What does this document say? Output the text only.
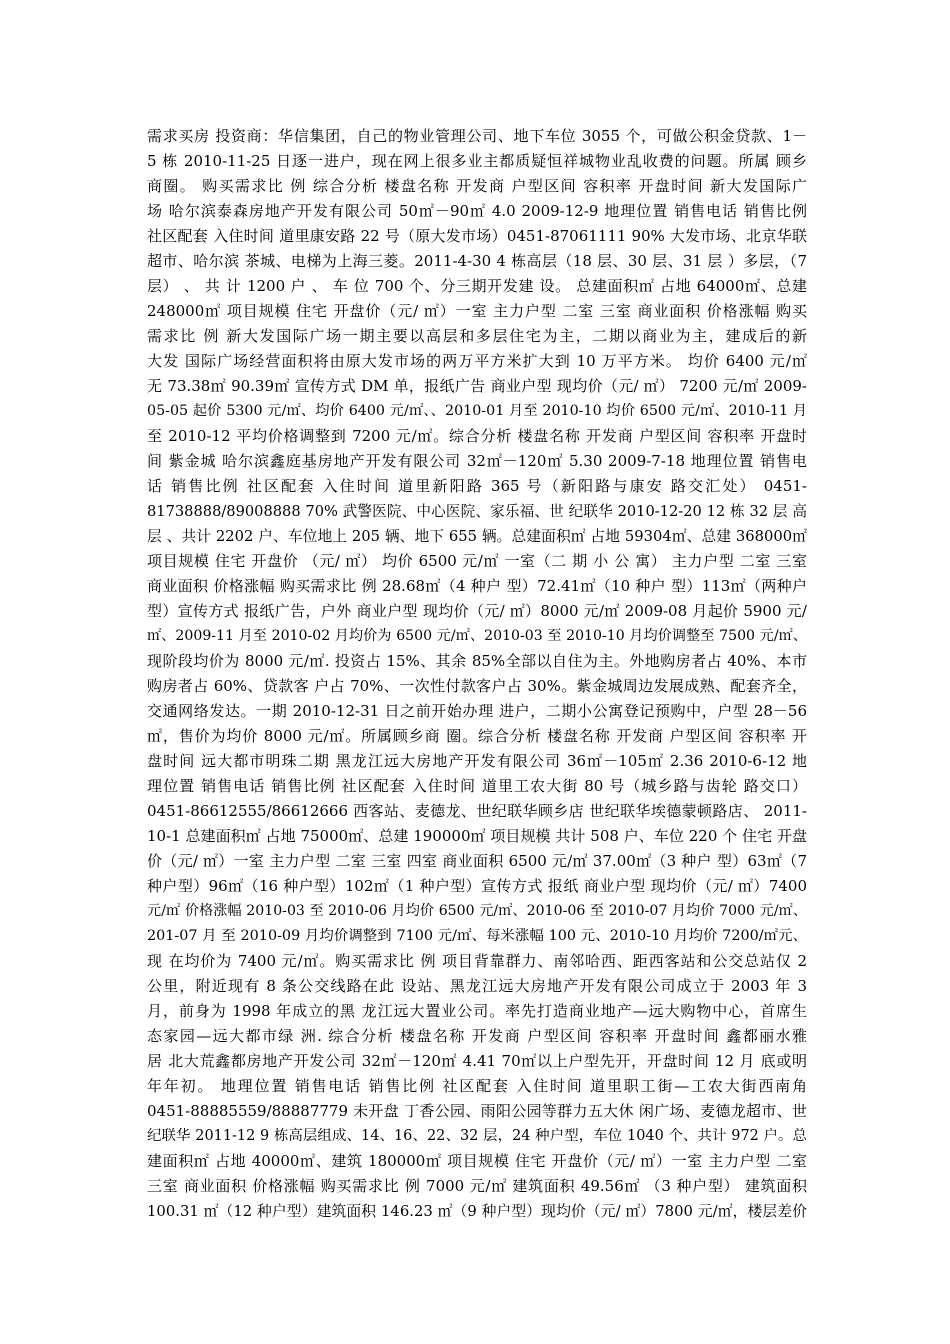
需求买房 投资商：华信集团，自己的物业管理公司、地下车位 3055 个，可做公积金贷款、1－
5 栋 2010-11-25 日逐一进户，现在网上很多业主都质疑恒祥城物业乱收费的问题。所属 顾乡
商圈。 购买需求比 例 综合分析 楼盘名称 开发商 户型区间 容积率 开盘时间 新大发国际广
场 哈尔滨泰森房地产开发有限公司 50㎡－90㎡ 4.0 2009-12-9 地理位置 销售电话 销售比例
社区配套 入住时间 道里康安路 22 号（原大发市场）0451-87061111 90% 大发市场、北京华联
超市、哈尔滨 茶城、电梯为上海三菱。2011-4-30 4 栋高层（18 层、30 层、31 层 ）多层，（7
层） 、 共 计 1200 户 、 车 位 700 个、分三期开发建 设。 总建面积㎡ 占地 64000㎡、总建
248000㎡ 项目规模 住宅 开盘价（元/ ㎡）一室 主力户型 二室 三室 商业面积 价格涨幅 购买
需求比 例 新大发国际广场一期主要以高层和多层住宅为主，二期以商业为主，建成后的新
大发 国际广场经营面积将由原大发市场的两万平方米扩大到 10 万平方米。 均价 6400 元/㎡
无 73.38㎡ 90.39㎡ 宣传方式 DM 单，报纸广告 商业户型 现均价（元/ ㎡） 7200 元/㎡ 2009-
05-05 起价 5300 元/㎡、均价 6400 元/㎡、、2010-01 月至 2010-10 均价 6500 元/㎡、2010-11 月
至 2010-12 平均价格调整到 7200 元/㎡。综合分析 楼盘名称 开发商 户型区间 容积率 开盘时
间 紫金城 哈尔滨鑫庭基房地产开发有限公司 32㎡－120㎡ 5.30 2009-7-18 地理位置 销售电
话 销售比例 社区配套 入住时间 道里新阳路 365 号（新阳路与康安 路交汇处） 0451-
81738888/89008888 70% 武警医院、中心医院、家乐福、世 纪联华 2010-12-20 12 栋 32 层 高
层 、共计 2202 户、车位地上 205 辆、地下 655 辆。总建面积㎡ 占地 59304㎡、总建 368000㎡
项目规模 住宅 开盘价 （元/ ㎡） 均价 6500 元/㎡ 一室（二 期 小 公 寓） 主力户型 二室 三室
商业面积 价格涨幅 购买需求比 例 28.68㎡（4 种户 型）72.41㎡（10 种户 型）113㎡（两种户
型）宣传方式 报纸广告，户外 商业户型 现均价（元/ ㎡）8000 元/㎡ 2009-08 月起价 5900 元/
㎡、2009-11 月至 2010-02 月均价为 6500 元/㎡、2010-03 至 2010-10 月均价调整至 7500 元/㎡、
现阶段均价为 8000 元/㎡. 投资占 15%、其余 85%全部以自住为主。外地购房者占 40%、本市
购房者占 60%、贷款客 户占 70%、一次性付款客户占 30%。紫金城周边发展成熟、配套齐全，
交通网络发达。一期 2010-12-31 日之前开始办理 进户，二期小公寓登记预购中，户型 28－56
㎡，售价为均价 8000 元/㎡。所属顾乡商 圈。综合分析 楼盘名称 开发商 户型区间 容积率 开
盘时间 远大都市明珠二期 黑龙江远大房地产开发有限公司 36㎡－105㎡ 2.36 2010-6-12 地
理位置 销售电话 销售比例 社区配套 入住时间 道里工农大街 80 号（城乡路与齿轮 路交口）
0451-86612555/86612666 西客站、麦德龙、世纪联华顾乡店 世纪联华埃德蒙顿路店、 2011-
10-1 总建面积㎡ 占地 75000㎡、总建 190000㎡ 项目规模 共计 508 户、车位 220 个 住宅 开盘
价（元/ ㎡）一室 主力户型 二室 三室 四室 商业面积 6500 元/㎡ 37.00㎡（3 种户 型）63㎡（7
种户型）96㎡（16 种户型）102㎡（1 种户型）宣传方式 报纸 商业户型 现均价（元/ ㎡）7400
元/㎡ 价格涨幅 2010-03 至 2010-06 月均价 6500 元/㎡、2010-06 至 2010-07 月均价 7000 元/㎡、
201-07 月 至 2010-09 月均价调整到 7100 元/㎡、每米涨幅 100 元、2010-10 月均价 7200/㎡元、
现 在均价为 7400 元/㎡。购买需求比 例 项目背靠群力、南邻哈西、距西客站和公交总站仅 2
公里，附近现有 8 条公交线路在此 设站、黑龙江远大房地产开发有限公司成立于 2003 年 3
月，前身为 1998 年成立的黑 龙江远大置业公司。率先打造商业地产—远大购物中心，首席生
态家园—远大都市绿 洲. 综合分析 楼盘名称 开发商 户型区间 容积率 开盘时间 鑫都丽水雅
居 北大荒鑫都房地产开发公司 32㎡－120㎡ 4.41 70㎡以上户型先开，开盘时间 12 月 底或明
年年初。 地理位置 销售电话 销售比例 社区配套 入住时间 道里职工街—工农大街西南角
0451-88885559/88887779 未开盘 丁香公园、雨阳公园等群力五大休 闲广场、麦德龙超市、世
纪联华 2011-12 9 栋高层组成、14、16、22、32 层，24 种户型，车位 1040 个、共计 972 户。总
建面积㎡ 占地 40000㎡、建筑 180000㎡ 项目规模 住宅 开盘价（元/ ㎡）一室 主力户型 二室
三室 商业面积 价格涨幅 购买需求比 例 7000 元/㎡ 建筑面积 49.56㎡ （3 种户型） 建筑面积
100.31 ㎡（12 种户型）建筑面积 146.23 ㎡（9 种户型）现均价（元/ ㎡）7800 元/㎡，楼层差价
